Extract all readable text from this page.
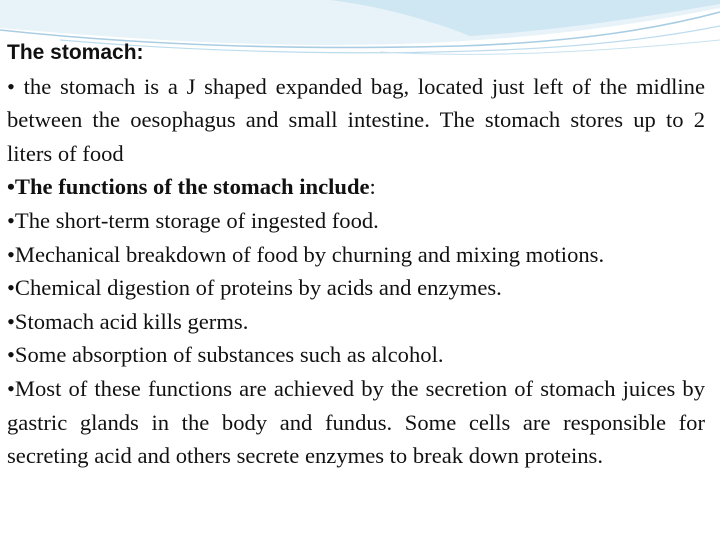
The stomach:

• the stomach is a J shaped expanded bag, located just left of the midline between the oesophagus and small intestine. The stomach stores up to 2 liters of food

•The functions of the stomach include:

•The short-term storage of ingested food.

•Mechanical breakdown of food by churning and mixing motions.

•Chemical digestion of proteins by acids and enzymes.

•Stomach acid kills germs.

•Some absorption of substances such as alcohol.

•Most of these functions are achieved by the secretion of stomach juices by gastric glands in the body and fundus. Some cells are responsible for secreting acid and others secrete enzymes to break down proteins.
